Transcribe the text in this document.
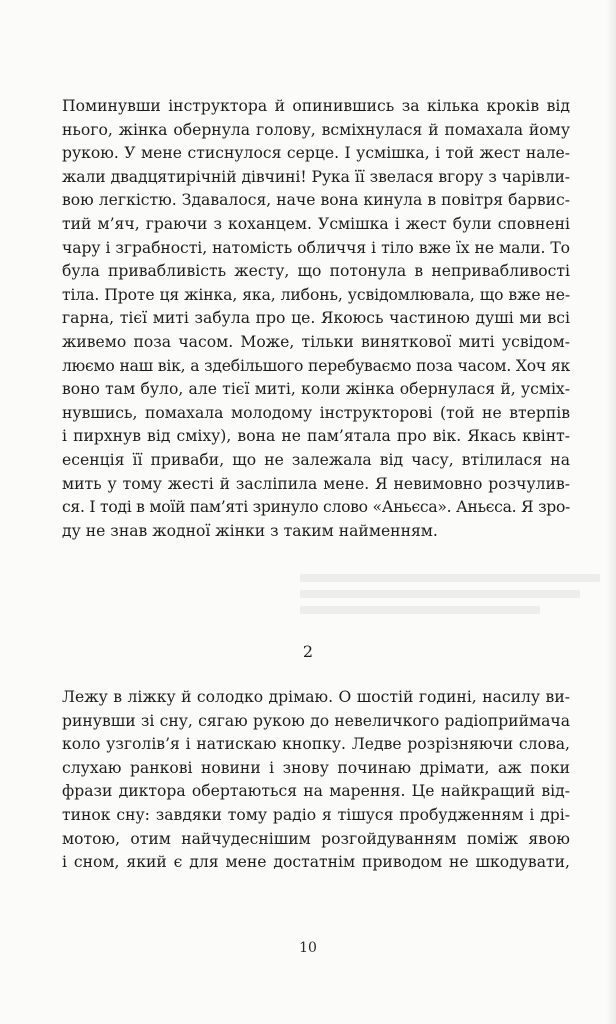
Поминувши інструктора й опинившись за кілька кроків від
нього, жінка обернула голову, всміхнулася й помахала йому
рукою. У мене стиснулося серце. І усмішка, і той жест нале-
жали двадцятирічній дівчині! Рука її звелася вгору з чарівли-
вою легкістю. Здавалося, наче вона кинула в повітря барвис-
тий м’яч, граючи з коханцем. Усмішка і жест були сповнені
чару і зграбності, натомість обличчя і тіло вже їх не мали. То
була привабливість жесту, що потонула в непривабливості
тіла. Проте ця жінка, яка, либонь, усвідомлювала, що вже не-
гарна, тієї миті забула про це. Якоюсь частиною душі ми всі
живемо поза часом. Може, тільки виняткової миті усвідом-
люємо наш вік, а здебільшого перебуваємо поза часом. Хоч як
воно там було, але тієї миті, коли жінка обернулася й, усміх-
нувшись, помахала молодому інструкторові (той не втерпів
і пирхнув від сміху), вона не пам’ятала про вік. Якась квінт-
есенція її приваби, що не залежала від часу, втілилася на
мить у тому жесті й засліпила мене. Я невимовно розчулив-
ся. І тоді в моїй пам’яті зринуло слово «Аньєса». Аньєса. Я зро-
ду не знав жодної жінки з таким найменням.
2
Лежу в ліжку й солодко дрімаю. О шостій годині, насилу ви-
ринувши зі сну, сягаю рукою до невеличкого радіоприймача
коло узголів’я і натискаю кнопку. Ледве розрізняючи слова,
слухаю ранкові новини і знову починаю дрімати, аж поки
фрази диктора обертаються на марення. Це найкращий від-
тинок сну: завдяки тому радіо я тішуся пробудженням і дрі-
мотою, отим найчудеснішим розгойдуванням поміж явою
і сном, який є для мене достатнім приводом не шкодувати,
10
